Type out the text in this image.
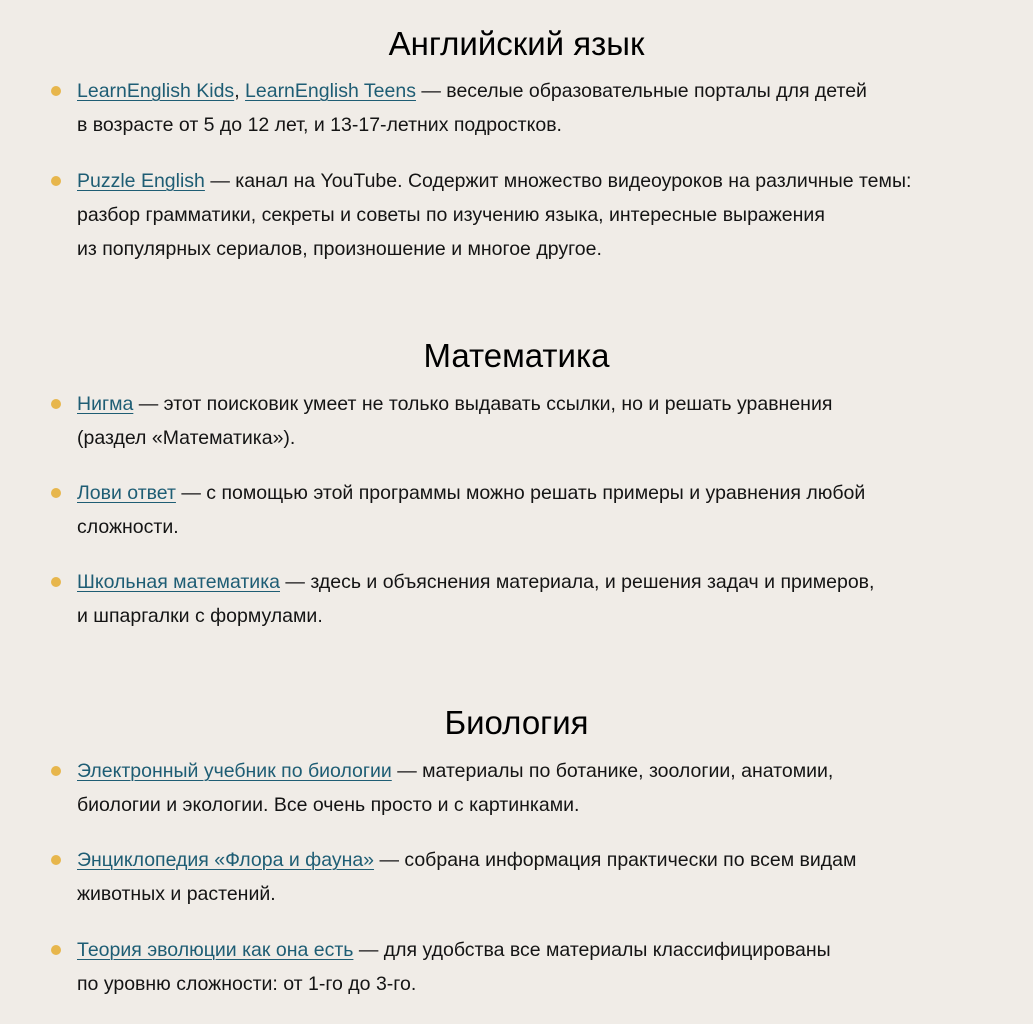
Английский язык
LearnEnglish Kids, LearnEnglish Teens — веселые образовательные порталы для детей
в возрасте от 5 до 12 лет, и 13-17-летних подростков.
Puzzle English — канал на YouTube. Содержит множество видеоуроков на различные темы:
разбор грамматики, секреты и советы по изучению языка, интересные выражения
из популярных сериалов, произношение и многое другое.
Математика
Нигма — этот поисковик умеет не только выдавать ссылки, но и решать уравнения
(раздел «Математика»).
Лови ответ — с помощью этой программы можно решать примеры и уравнения любой
сложности.
Школьная математика — здесь и объяснения материала, и решения задач и примеров,
и шпаргалки с формулами.
Биология
Электронный учебник по биологии — материалы по ботанике, зоологии, анатомии,
биологии и экологии. Все очень просто и с картинками.
Энциклопедия «Флора и фауна» — собрана информация практически по всем видам
животных и растений.
Теория эволюции как она есть — для удобства все материалы классифицированы
по уровню сложности: от 1-го до 3-го.
